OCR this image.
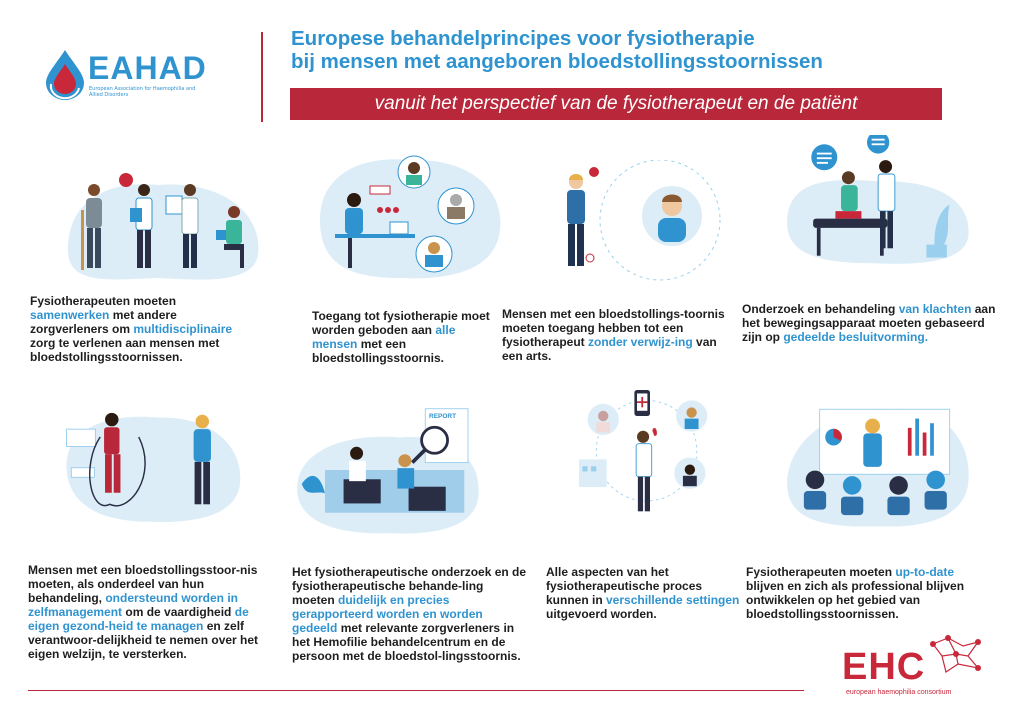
EAHAD
European Association for Haemophilia and Allied Disorders
Europese behandelprincipes voor fysiotherapie
bij mensen met aangeboren bloedstollingsstoornissen
vanuit het perspectief van de fysiotherapeut en de patiënt
Fysiotherapeuten moeten samenwerken met andere zorgverleners om multidisciplinaire zorg te verlenen aan mensen met bloedstollingsstoornissen.
Toegang tot fysiotherapie moet worden geboden aan alle mensen met een bloedstollingsstoornis.
Mensen met een bloedstollings-toornis moeten toegang hebben tot een fysiotherapeut zonder verwijz-ing van een arts.
Onderzoek en behandeling van klachten aan het bewegingsapparaat moeten gebaseerd zijn op gedeelde besluitvorming.
REPORT
Mensen met een bloedstollingsstoor-nis moeten, als onderdeel van hun behandeling, ondersteund worden in zelfmanagement om de vaardigheid de eigen gezond-heid te managen en zelf verantwoor-delijkheid te nemen over het eigen welzijn, te versterken.
Het fysiotherapeutische onderzoek en de fysiotherapeutische behande-ling moeten duidelijk en precies gerapporteerd worden en worden gedeeld met relevante zorgverleners in het Hemofilie behandelcentrum en de persoon met de bloedstol-lingsstoornis.
Alle aspecten van het fysiotherapeutische proces kunnen in verschillende settingen uitgevoerd worden.
Fysiotherapeuten moeten up-to-date blijven en zich als professional blijven ontwikkelen op het gebied van bloedstollingsstoornissen.
EHC
european haemophilia consortium
